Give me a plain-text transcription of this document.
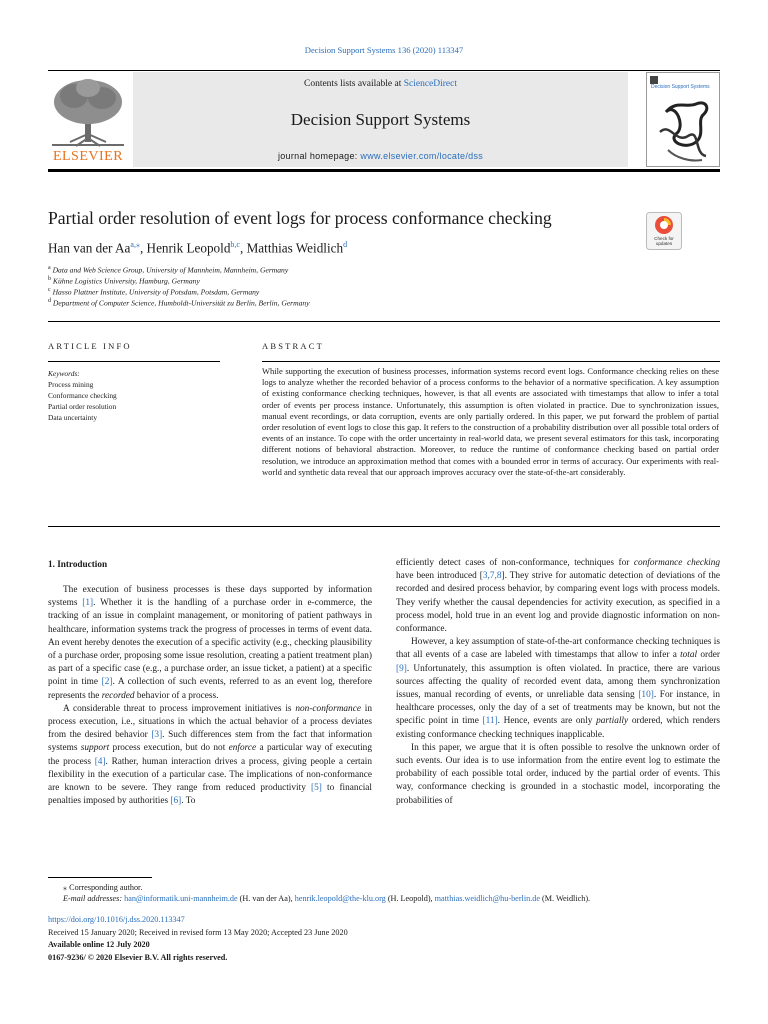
Decision Support Systems 136 (2020) 113347
ELSEVIER
Contents lists available at ScienceDirect
Decision Support Systems
journal homepage: www.elsevier.com/locate/dss
Decision Support Systems
Partial order resolution of event logs for process conformance checking
Check for updates
Han van der $Aa^{a,⁎}$, Henrik Leopold$^{b,c}$, Matthias Weidlich$^d$
$^a$ Data and Web Science Group, University of Mannheim, Mannheim, Germany
$^b$ Kühne Logistics University, Hamburg, Germany
$^c$ Hasso Plattner Institute, University of Potsdam, Potsdam, Germany
$^d$ Department of Computer Science, Humboldt-Universität zu Berlin, Berlin, Germany
ARTICLE INFO	ABSTRACT
Keywords:
Process mining
Conformance checking
Partial order resolution
Data uncertainty
While supporting the execution of business processes, information systems record event logs. Conformance checking relies on these logs to analyze whether the recorded behavior of a process conforms to the behavior of a normative specification. A key assumption of existing conformance checking techniques, however, is that all events are associated with timestamps that allow to infer a total order of events per process instance. Unfortunately, this assumption is often violated in practice. Due to synchronization issues, manual event recordings, or data corruption, events are only partially ordered. In this paper, we put forward the problem of partial order resolution of event logs to close this gap. It refers to the construction of a probability distribution over all possible total orders of events of an instance. To cope with the order uncertainty in real-world data, we present several estimators for this task, incorporating different notions of behavioral abstraction. Moreover, to reduce the runtime of conformance checking based on partial order resolution, we introduce an approximation method that comes with a bounded error in terms of accuracy. Our experiments with real-world and synthetic data reveal that our approach improves accuracy over the state-of-the-art considerably.
1. Introduction

The execution of business processes is these days supported by information systems [1]. Whether it is the handling of a purchase order in e-commerce, the tracking of an issue in complaint management, or monitoring of patient pathways in healthcare, information systems track the progress of processes in terms of event data. An event hereby denotes the execution of a specific activity (e.g., checking plausibility of a purchase order, proposing some issue resolution, creating a patient treatment plan) as part of a specific case (e.g., a purchase order, an issue ticket, a patient) at a specific point in time [2]. A collection of such events, referred to as an event log, therefore represents the recorded behavior of a process.

A considerable threat to process improvement initiatives is non-conformance in process execution, i.e., situations in which the actual behavior of a process deviates from the desired behavior [3]. Such differences stem from the fact that information systems support process execution, but do not enforce a particular way of executing the process [4]. Rather, human interaction drives a process, giving people a certain flexibility in the execution of a particular case. The implications of non-conformance are known to be severe. They range from reduced productivity [5] to financial penalties imposed by authorities [6]. To

efficiently detect cases of non-conformance, techniques for conformance checking have been introduced [3,7,8]. They strive for automatic detection of deviations of the recorded and desired process behavior, by comparing event logs with process models. They verify whether the causal dependencies for activity execution, as specified in a process model, hold true in an event log and provide diagnostic information on non-conformance.

However, a key assumption of state-of-the-art conformance checking techniques is that all events of a case are labeled with timestamps that allow to infer a total order [9]. Unfortunately, this assumption is often violated. In practice, there are various sources affecting the quality of recorded event data, among them synchronization issues, manual recording of events, or unreliable data sensing [10]. For instance, in healthcare processes, only the day of a set of treatments may be known, but not the specific point in time [11]. Hence, events are only partially ordered, which renders existing conformance checking techniques inapplicable.

In this paper, we argue that it is often possible to resolve the unknown order of such events. Our idea is to use information from the entire event log to estimate the probability of each possible total order, induced by the partial order of events. This way, conformance checking is grounded in a stochastic model, incorporating the probabilities of

⁎ Corresponding author.
E-mail addresses: han@informatik.uni-mannheim.de (H. van der Aa), henrik.leopold@the-klu.org (H. Leopold), matthias.weidlich@hu-berlin.de (M. Weidlich).
https://doi.org/10.1016/j.dss.2020.113347
Received 15 January 2020; Received in revised form 13 May 2020; Accepted 23 June 2020
Available online 12 July 2020
0167-9236/ © 2020 Elsevier B.V. All rights reserved.
